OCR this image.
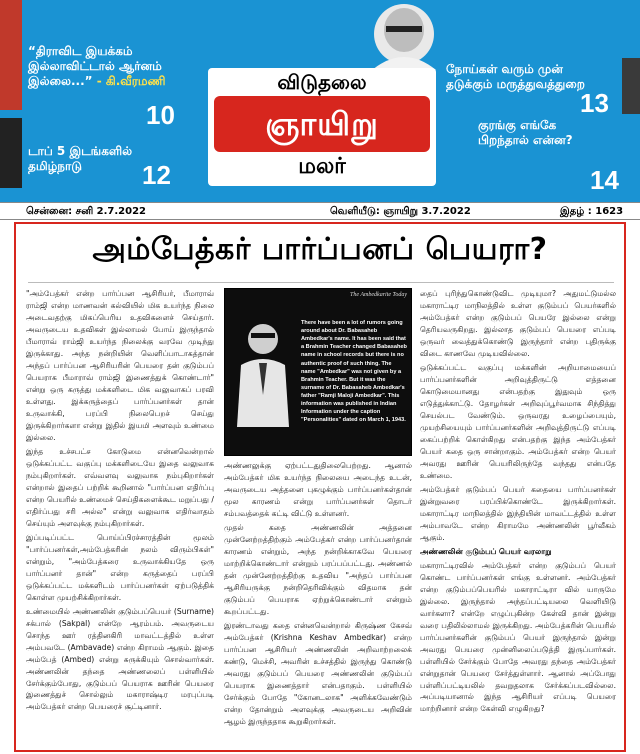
“திராவிட இயக்கம்
இல்லாவிட்டால் ஆர்னம்
இல்லை...” - கி.வீரமணி
10
டாப் 5 இடங்களில்
தமிழ்நாடு	12
நோய்கள் வரும் முன்
தடுக்கும் மருத்துவத்துறை
13
குரங்கு எங்கே
பிறந்தால் என்ன?
14
விடுதலை
ஞாயிறு
மலர்
சென்னை: சனி 2.7.2022	வெளியீடு: ஞாயிறு 3.7.2022	இதழ் : 1623
அம்பேத்கர் பார்ப்பனப் பெயரா?

"அம்பேத்கர் என்ற பார்ப்பன ஆசிரியர், பீமாராவ் ராம்ஜி என்ற மாணவன் கல்வியில் மிக உயர்ந்த நிலை அடைவதற்கு மிகப்பெரிய உதவிகளைச் செய்தார். அவருடைய உதவிகள் இல்லாமல் போய் இருந்தால் பீமாராவ் ராம்ஜி உயர்ந்த நிலைக்கு வரவே முடிந்து இருக்காது. அந்த நன்றியின் வெளிப்பாடாகத்தான் அந்தப் பார்ப்பன ஆசிரியரின் பெயரை தன் குடும்பப் பெயராக பீமாராவ் ராம்ஜி இணைத்துக் கொண்டார்" என்று ஒரு கருத்து மக்களிடை மிக வலுவாகப் பரவி உள்ளது. இக்கருத்தைப் பார்ப்பனர்கள் தான் உருவாக்கி, பரப்பி நிலைபெறச் செய்து இருக்கிறார்களா என்று இதில் இயமி அளவும் உண்மை இல்லை.

இந்த உச்சபட்ச கோடுமை என்னவென்றால் ஒடுக்கப்பட்ட வகுப்பு மக்களிடையே இதை வலுவாக நம்புகிறார்கள். எவ்வளவு வலுவாக நம்புகிறார்கள் என்றால் இதைப் பற்றிக் கூறினால் "பார்ப்பன எதிர்ப்பு என்ற பெயரில் உண்மைச் செய்திகளைக்கூட மறுப்பது / எதிர்ப்பது சரி அல்ல" என்று வலுவாக எதிர்வாதம் செய்யும் அளவுக்கு நம்புகிறார்கள்.

இப்படிப்பட்ட பொய்ப்பிரச்சாரத்தின் மூலம் "பார்ப்பனர்கள்,அம்பேத்கரின் நலம் விரும்பிகள்" என்றும், "அம்பேத்கரை உருவாக்கியதே ஒரு பார்ப்பனர் தான்" என்ற கருத்தைப் பரப்பி ஒடுக்கப்பட்ட மக்களிடம் பார்ப்பனர்கள் ஏற்படுத்திக் கொள்ள முயற்சிக்கிறார்கள்.

உண்மையில் அண்ணலின் குடும்பப்பெயர் (Surname) சக்பால் (Sakpal) என்றே ஆரம்பம். அவருடைய சொந்த ஊர் ரத்தினகிரி மாவட்டத்தில் உள்ள அம்பவடே (Ambavade) என்ற கிராமம் ஆகும். இதை அம்பேத் (Ambed) என்று சுருக்கியும் சொல்வார்கள். அண்ணலின் தந்தை அண்ணலைப் பள்ளியில் சேர்க்கும்போது, குடும்பப் பெயராக ஊரின் பெயரை இணைத்துச் சொல்லும் மகாராஷ்டிர மரபுப்படி அம்பேத்கர் என்ற பெயரைச் சூட்டினார்.

The Ambedkarite Today
There have been a lot of rumors going around about Dr. Babasaheb Ambedkar's name. It has been said that a Brahmin Teacher changed Babasaheb name in school records but there is no authentic proof of such thing. The name "Ambedkar" was not given by a Brahmin Teacher. But it was the surname of Dr. Babasaheb Ambedkar's father "Ramji Maloji Ambedkar". This information was published in Indian Information under the caption "Personalities" dated on March 1, 1943.

அண்ணலுக்கு ஏற்பட்டதுதிலைபெற்றது. ஆனால் அம்பேத்கர் மிக உயர்ந்த நிலையை அடைந்த உடன், அவருடைய அத்தனை புகழுக்கும் பார்ப்பனர்கள்தான் மூல காரணம் என்று பார்ப்பனர்கள் தொடர் சம்பவத்தைக் கட்டி விட்டு உள்ளனர்.

முதல் கதை அண்ணலின் அத்தனை முன்னேற்றத்திற்கும் அம்பேத்கர் என்ற பார்ப்பனர்தான் காரணம் என்றும், அந்த நன்றிக்காகவே பெயரை மாற்றிக்கொண்டார் என்றும் பரப்பப்பட்டது. அண்ணல் தன் முன்னேற்றத்திற்கு உதவிய "அந்தப் பார்ப்பன ஆசிரியருக்கு நன்றிதெரிவிக்கும் விதமாக தன் குடும்பப் பெயராக ஏற்றுக்கொண்டார் என்றும் கூறப்பட்டது.

இரண்டாவது கதை என்னவென்றால் கிருஷ்ண கேசவ் அம்பேத்கர் (Krishna Keshav Ambedkar) என்ற பார்ப்பன ஆசிரியர் அண்ணலின் அறிவாற்றலைக் கண்டு, மெச்சி, அவரின் உச்சத்தில் இருந்து கொண்டு அவரது குடும்பப் பெயரை அண்ணலின் குடும்பப் பெயராக இணைத்தார் என்பதாகும். பள்ளியில் சேர்க்கும் போதே "கோனடலாக" அளிக்கவேண்டும் என்ற தோன்றும் அளவுக்கு அவருடைய அறிவின் ஆழம் இருந்ததாக கூறுகிறார்கள்.

தைப் புரிந்துகொண்டுவிட முடியுமா? அதுமட்டுமல்ல மகாராட்டிர மாநிலத்தில் உள்ள குடும்பப் பெயர்களில் அம்பேத்கர் என்ற குடும்பப் பெயரே இல்லை என்று தெரியவருகிறது. இல்லாத குடும்பப் பெயரை எப்படி ஒருவர் வைத்துக்கொண்டு இருந்தார் என்ற புதிருக்கு விடை காணவே முடியவில்லை.

ஒடுக்கப்பட்ட வகுப்பு மக்களின் அறியாமையைப் பார்ப்பனர்களின் அறிவுத்திருட்டு எத்தனை கொடுமையானது என்பதற்கு இதுவும் ஒரு எடுத்துக்காட்டு. தோழர்கள் அறிவுப்பூர்வமாக சிந்தித்து செயல்பட வேண்டும். ஒருவரது உழைப்பையும், முயற்சியையும் பார்ப்பனர்களின் அறிவுத்திருட்டு எப்படி கைப்பற்றிக் கொள்கிறது என்பதற்கு இந்த அம்பேத்கர் பெயர் கதை ஒரு சான்றாகும். அம்பேத்கர் என்ற பெயர் அவரது ஊரின் பெயரிலிருந்தே வந்தது என்பதே உண்மை.

அம்பேத்கர் குடும்பப் பெயர் கதையை பார்ப்பனர்கள் இன்றுவரை பரப்பிக்கொண்டே இருக்கிறார்கள். மகாராட்டிர மாநிலத்தில் இந்தியின் மாவட்டத்தில் உள்ள அம்பாவடே என்ற கிராமமே அண்ணலின் பூர்வீகம் ஆகும்.

அண்ணலின் குடும்பப் பெயர் வரலாறு

மகாராட்டிரவில் அம்பேத்கர் என்ற குடும்பப் பெயர் கொண்ட பார்ப்பனர்கள் எங்கு உள்ளனர். அம்பேத்கர் என்ற குடும்பப்பெயரில் மகாராட்டிரா வில் யாருமே இல்லை. இருந்தால் அந்தப்பட்டியலை வெளியிடு வார்களா? என்றே எழுப்புகின்ற கேள்வி தான் இன்று வரை பதிலில்லாமல் இருக்கிறது. அம்பேத்கரின் பெயரில் பார்ப்பனர்களின் குடும்பப் பெயர் இருந்தால் இன்று அவரது பெயரை முன்னிலைப்படுத்தி இருப்பார்கள். பள்ளியில் சேர்க்கும் போதே அவரது தந்தை அம்பேத்கர் என்றுதான் பெயரை சேர்த்துள்ளார். ஆனால் அப்போது பள்ளிப்பட்டியலில் தவறுதலாக சேர்க்கப்படவில்லை. அப்படியானால் இந்த ஆசிரியர் எப்படி பெயரை மாற்றினார் என்ற கேள்வி எழுகிறது?
